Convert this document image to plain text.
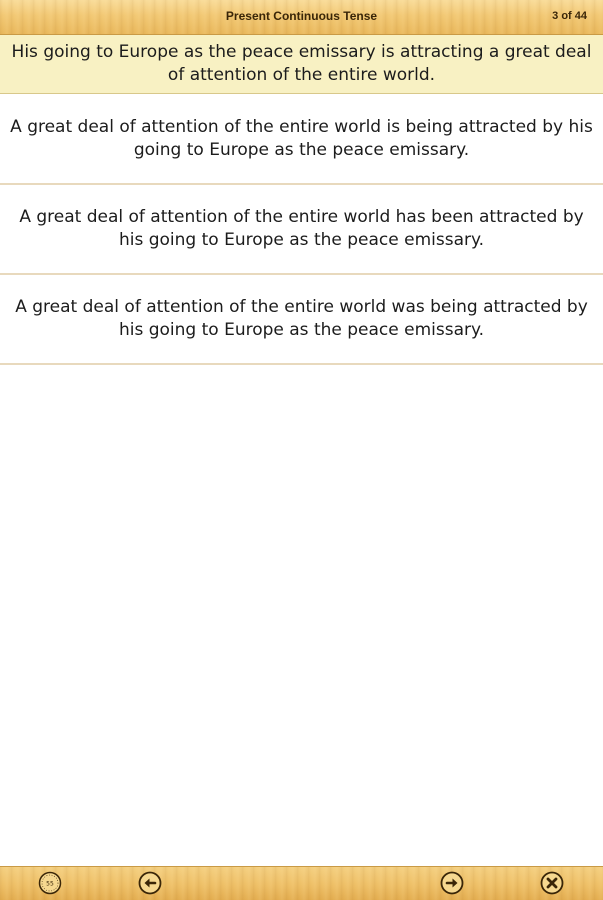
Present Continuous Tense	3 of 44
His going to Europe as the peace emissary is attracting a great deal of attention of the entire world.
A great deal of attention of the entire world is being attracted by his going to Europe as the peace emissary.
A great deal of attention of the entire world has been attracted by his going to Europe as the peace emissary.
A great deal of attention of the entire world was being attracted by his going to Europe as the peace emissary.
55
